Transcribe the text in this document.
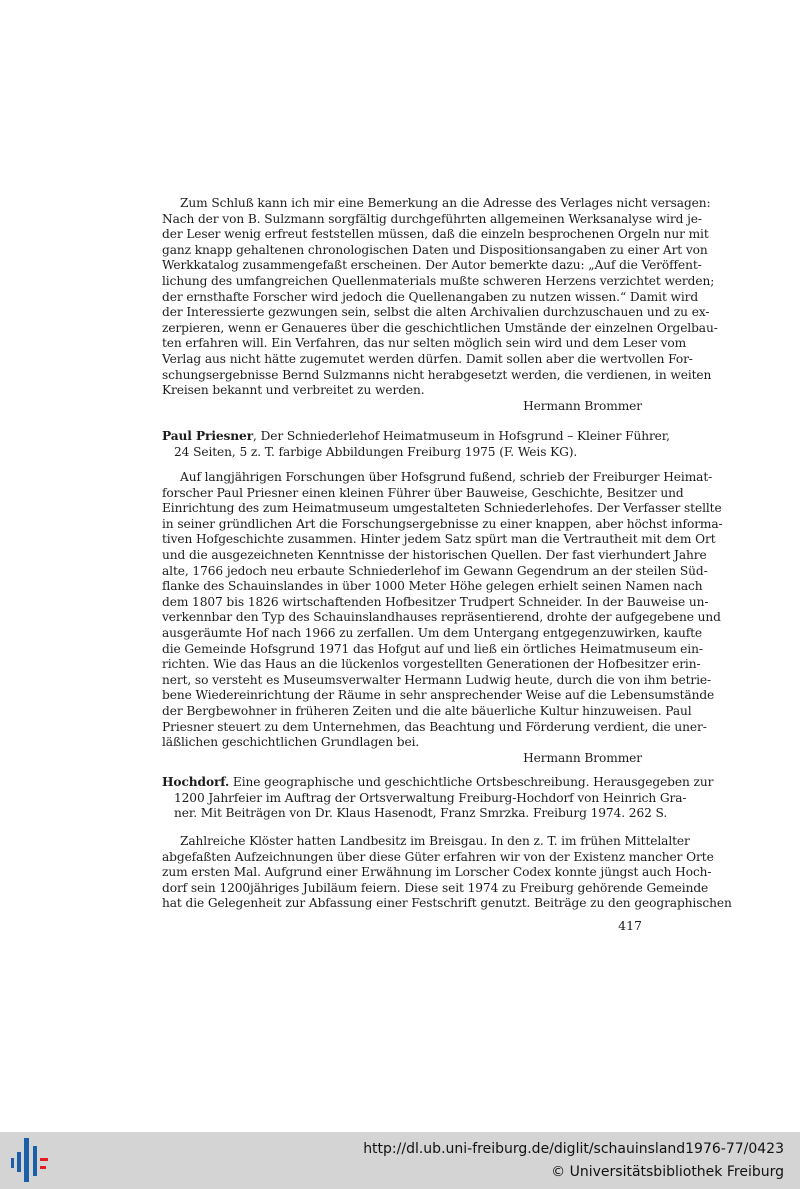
Zum Schluß kann ich mir eine Bemerkung an die Adresse des Verlages nicht versagen:
Nach der von B. Sulzmann sorgfältig durchgeführten allgemeinen Werksanalyse wird je-
der Leser wenig erfreut feststellen müssen, daß die einzeln besprochenen Orgeln nur mit
ganz knapp gehaltenen chronologischen Daten und Dispositionsangaben zu einer Art von
Werkkatalog zusammengefaßt erscheinen. Der Autor bemerkte dazu: „Auf die Veröffent-
lichung des umfangreichen Quellenmaterials mußte schweren Herzens verzichtet werden;
der ernsthafte Forscher wird jedoch die Quellenangaben zu nutzen wissen.“ Damit wird
der Interessierte gezwungen sein, selbst die alten Archivalien durchzuschauen und zu ex-
zerpieren, wenn er Genaueres über die geschichtlichen Umstände der einzelnen Orgelbau-
ten erfahren will. Ein Verfahren, das nur selten möglich sein wird und dem Leser vom
Verlag aus nicht hätte zugemutet werden dürfen. Damit sollen aber die wertvollen For-
schungsergebnisse Bernd Sulzmanns nicht herabgesetzt werden, die verdienen, in weiten
Kreisen bekannt und verbreitet zu werden.
Hermann Brommer
Paul Priesner, Der Schniederlehof Heimatmuseum in Hofsgrund – Kleiner Führer,
24 Seiten, 5 z. T. farbige Abbildungen Freiburg 1975 (F. Weis KG).
Auf langjährigen Forschungen über Hofsgrund fußend, schrieb der Freiburger Heimat-
forscher Paul Priesner einen kleinen Führer über Bauweise, Geschichte, Besitzer und
Einrichtung des zum Heimatmuseum umgestalteten Schniederlehofes. Der Verfasser stellte
in seiner gründlichen Art die Forschungsergebnisse zu einer knappen, aber höchst informa-
tiven Hofgeschichte zusammen. Hinter jedem Satz spürt man die Vertrautheit mit dem Ort
und die ausgezeichneten Kenntnisse der historischen Quellen. Der fast vierhundert Jahre
alte, 1766 jedoch neu erbaute Schniederlehof im Gewann Gegendrum an der steilen Süd-
flanke des Schauinslandes in über 1000 Meter Höhe gelegen erhielt seinen Namen nach
dem 1807 bis 1826 wirtschaftenden Hofbesitzer Trudpert Schneider. In der Bauweise un-
verkennbar den Typ des Schauinslandhauses repräsentierend, drohte der aufgegebene und
ausgeräumte Hof nach 1966 zu zerfallen. Um dem Untergang entgegenzuwirken, kaufte
die Gemeinde Hofsgrund 1971 das Hofgut auf und ließ ein örtliches Heimatmuseum ein-
richten. Wie das Haus an die lückenlos vorgestellten Generationen der Hofbesitzer erin-
nert, so versteht es Museumsverwalter Hermann Ludwig heute, durch die von ihm betrie-
bene Wiedereinrichtung der Räume in sehr ansprechender Weise auf die Lebensumstände
der Bergbewohner in früheren Zeiten und die alte bäuerliche Kultur hinzuweisen. Paul
Priesner steuert zu dem Unternehmen, das Beachtung und Förderung verdient, die uner-
läßlichen geschichtlichen Grundlagen bei.
Hermann Brommer
Hochdorf. Eine geographische und geschichtliche Ortsbeschreibung. Herausgegeben zur
1200 Jahrfeier im Auftrag der Ortsverwaltung Freiburg-Hochdorf von Heinrich Gra-
ner. Mit Beiträgen von Dr. Klaus Hasenodt, Franz Smrzka. Freiburg 1974. 262 S.
Zahlreiche Klöster hatten Landbesitz im Breisgau. In den z. T. im frühen Mittelalter
abgefaßten Aufzeichnungen über diese Güter erfahren wir von der Existenz mancher Orte
zum ersten Mal. Aufgrund einer Erwähnung im Lorscher Codex konnte jüngst auch Hoch-
dorf sein 1200jähriges Jubiläum feiern. Diese seit 1974 zu Freiburg gehörende Gemeinde
hat die Gelegenheit zur Abfassung einer Festschrift genutzt. Beiträge zu den geographischen
417
http://dl.ub.uni-freiburg.de/diglit/schauinsland1976-77/0423
© Universitätsbibliothek Freiburg
